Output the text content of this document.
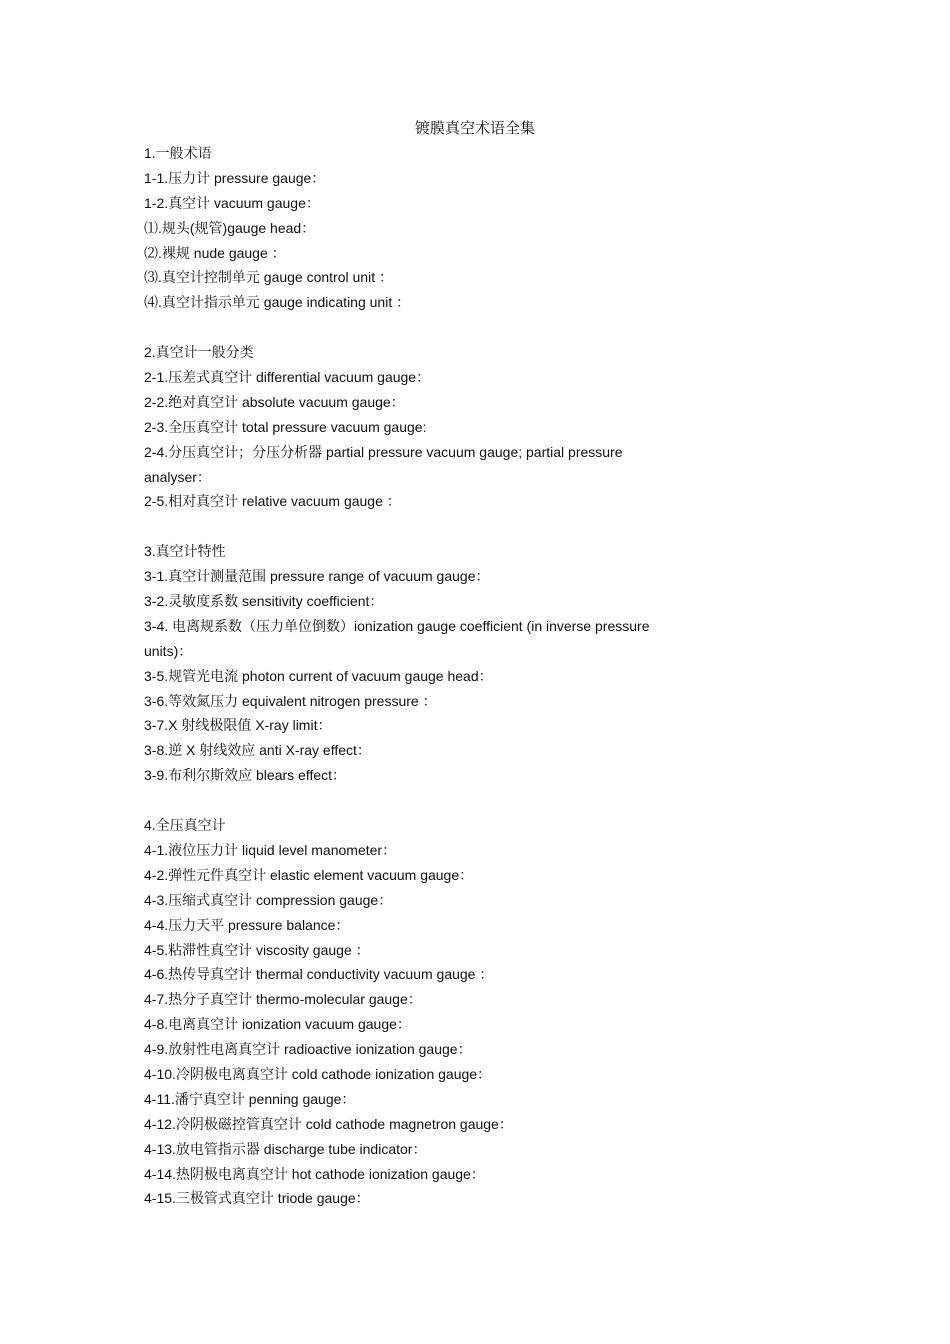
镀膜真空术语全集
1.一般术语
1-1.压力计 pressure gauge：
1-2.真空计 vacuum gauge：
⑴.规头(规管)gauge head：
⑵.裸规 nude gauge ：
⑶.真空计控制单元 gauge control unit ：
⑷.真空计指示单元 gauge indicating unit ：
2.真空计一般分类
2-1.压差式真空计 differential vacuum gauge：
2-2.绝对真空计 absolute vacuum gauge：
2-3.全压真空计 total pressure vacuum gauge:
2-4.分压真空计；分压分析器 partial pressure vacuum gauge; partial pressure
analyser：
2-5.相对真空计 relative vacuum gauge ：
3.真空计特性
3-1.真空计测量范围 pressure range of vacuum gauge：
3-2.灵敏度系数 sensitivity coefficient：
3-4. 电离规系数（压力单位倒数）ionization gauge coefficient (in inverse pressure
units)：
3-5.规管光电流 photon current of vacuum gauge head：
3-6.等效氮压力 equivalent nitrogen pressure ：
3-7.X 射线极限值 X-ray limit：
3-8.逆 X 射线效应 anti X-ray effect：
3-9.布利尔斯效应 blears effect：
4.全压真空计
4-1.液位压力计 liquid level manometer：
4-2.弹性元件真空计 elastic element vacuum gauge：
4-3.压缩式真空计 compression gauge：
4-4.压力天平 pressure balance：
4-5.粘滞性真空计 viscosity gauge ：
4-6.热传导真空计 thermal conductivity vacuum gauge ：
4-7.热分子真空计 thermo-molecular gauge：
4-8.电离真空计 ionization vacuum gauge：
4-9.放射性电离真空计 radioactive ionization gauge：
4-10.冷阴极电离真空计 cold cathode ionization gauge：
4-11.潘宁真空计 penning gauge：
4-12.冷阴极磁控管真空计 cold cathode magnetron gauge：
4-13.放电管指示器 discharge tube indicator：
4-14.热阴极电离真空计 hot cathode ionization gauge：
4-15.三极管式真空计 triode gauge：
